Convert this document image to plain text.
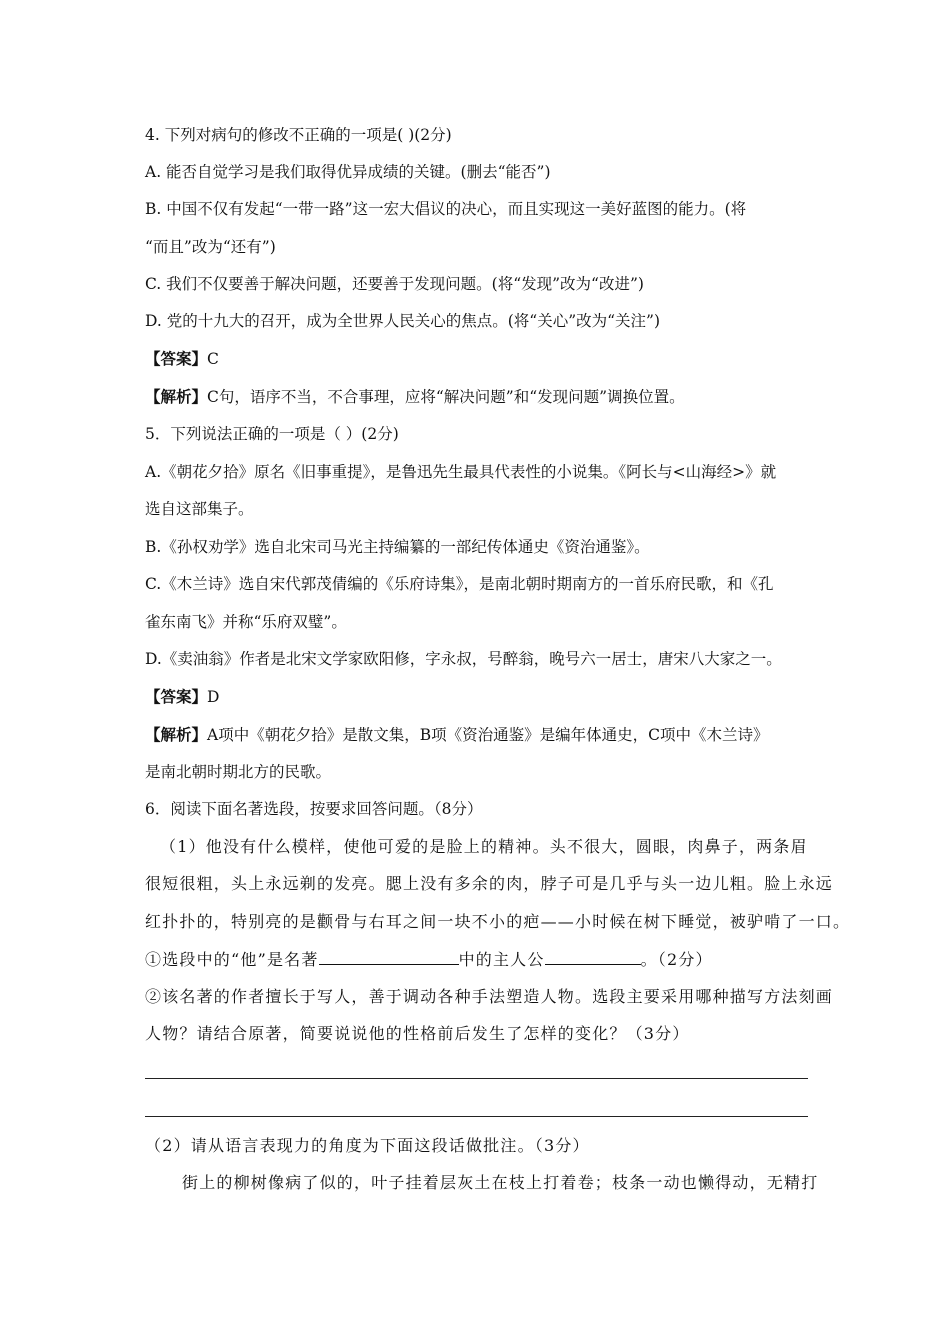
4. 下列对病句的修改不正确的一项是( )(2分)
A. 能否自觉学习是我们取得优异成绩的关键。(删去“能否”)
B. 中国不仅有发起“一带一路”这一宏大倡议的决心，而且实现这一美好蓝图的能力。(将
“而且”改为“还有”)
C. 我们不仅要善于解决问题，还要善于发现问题。(将“发现”改为“改进”)
D. 党的十九大的召开，成为全世界人民关心的焦点。(将“关心”改为“关注”)
【答案】C
【解析】C句，语序不当，不合事理，应将“解决问题”和“发现问题”调换位置。
5．下列说法正确的一项是（ ）(2分)
A.《朝花夕拾》原名《旧事重提》，是鲁迅先生最具代表性的小说集。《阿长与<山海经>》就
选自这部集子。
B.《孙权劝学》选自北宋司马光主持编纂的一部纪传体通史《资治通鉴》。
C.《木兰诗》选自宋代郭茂倩编的《乐府诗集》，是南北朝时期南方的一首乐府民歌，和《孔
雀东南飞》并称“乐府双璧”。
D.《卖油翁》作者是北宋文学家欧阳修，字永叔，号醉翁，晚号六一居士，唐宋八大家之一。
【答案】D
【解析】A项中《朝花夕拾》是散文集，B项《资治通鉴》是编年体通史，C项中《木兰诗》
是南北朝时期北方的民歌。
6．阅读下面名著选段，按要求回答问题。（8分）
（1）他没有什么模样，使他可爱的是脸上的精神。头不很大，圆眼，肉鼻子，两条眉
很短很粗，头上永远剃的发亮。腮上没有多余的肉，脖子可是几乎与头一边儿粗。脸上永远
红扑扑的，特别亮的是颧骨与右耳之间一块不小的疤——小时候在树下睡觉，被驴啃了一口。
①选段中的“他”是名著	中的主人公	。（2分）
②该名著的作者擅长于写人，善于调动各种手法塑造人物。选段主要采用哪种描写方法刻画
人物？请结合原著，简要说说他的性格前后发生了怎样的变化？（3分）
（2）请从语言表现力的角度为下面这段话做批注。（3分）
街上的柳树像病了似的，叶子挂着层灰土在枝上打着卷；枝条一动也懒得动，无精打
